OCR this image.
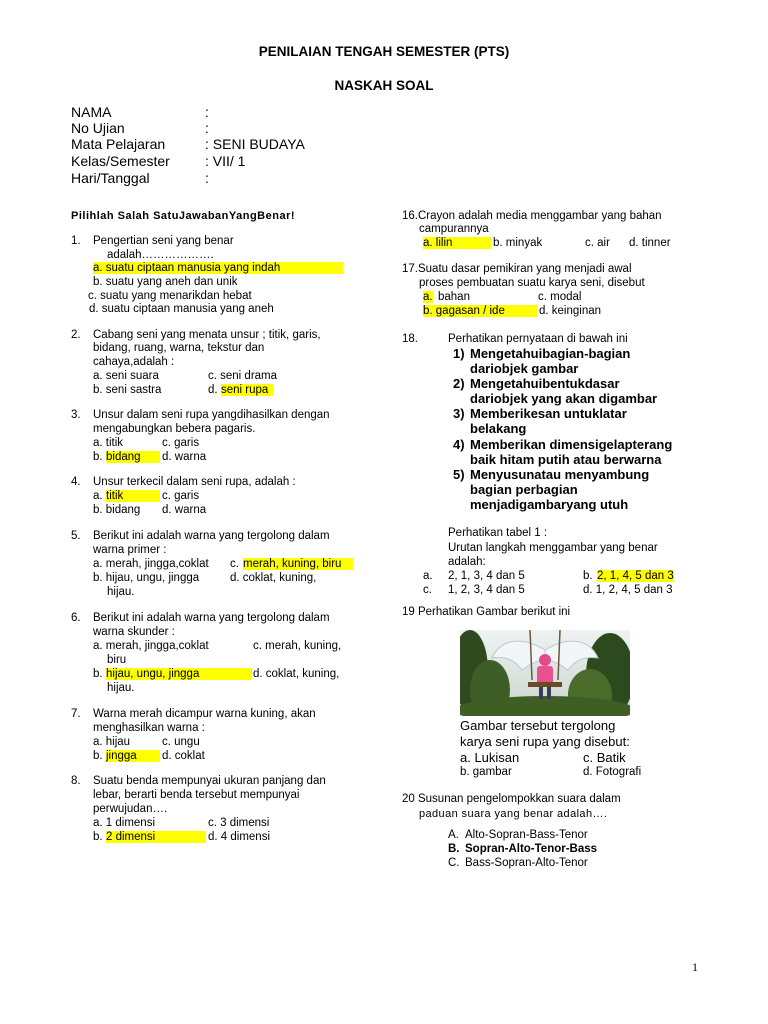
PENILAIAN TENGAH SEMESTER (PTS)
NASKAH SOAL
NAMA	:
No Ujian	:
Mata Pelajaran	: SENI BUDAYA
Kelas/Semester	: VII/ 1
Hari/Tanggal	:
Pilihlah Salah SatuJawabanYangBenar!
1. Pengertian seni yang benar
adalah……………….
a. suatu ciptaan manusia yang indah
b. suatu yang aneh dan unik
c. suatu yang menarikdan hebat
d. suatu ciptaan manusia yang aneh
2. Cabang seni yang menata unsur ; titik, garis,
bidang, ruang, warna, tekstur dan
cahaya,adalah :
a. seni suara	c. seni drama
b. seni sastra	d. seni rupa
3. Unsur dalam seni rupa yangdihasilkan dengan
mengabungkan bebera pagaris.
a. titik	c. garis
b. bidang	d. warna
4. Unsur terkecil dalam seni rupa, adalah :
a. titik	c. garis
b. bidang d. warna
5. Berikut ini adalah warna yang tergolong dalam
warna primer :
a. merah, jingga,coklat c. merah, kuning, biru
b. hijau, ungu, jingga	d. coklat, kuning,
hijau.
6. Berikut ini adalah warna yang tergolong dalam
warna skunder :
a. merah, jingga,coklat	c. merah, kuning,
biru
b. hijau, ungu, jingga	d. coklat, kuning,
hijau.
7. Warna merah dicampur warna kuning, akan
menghasilkan warna :
a. hijau	c. ungu
b. jingga	d. coklat
8. Suatu benda mempunyai ukuran panjang dan
lebar, berarti benda tersebut mempunyai
perwujudan….
a. 1 dimensi	c. 3 dimensi
b. 2 dimensi	d. 4 dimensi
16.Crayon adalah media menggambar yang bahan
campurannya
a. lilin	b. minyak	c. air d. tinner
17.Suatu dasar pemikiran yang menjadi awal
proses pembuatan suatu karya seni, disebut
a. bahan	c. modal
b. gagasan / ide	d. keinginan
18.	Perhatikan pernyataan di bawah ini
1) Mengetahuibagian-bagian
dariobjek gambar
2) Mengetahuibentukdasar
dariobjek yang akan digambar
3) Memberikesan untuklatar
belakang
4) Memberikan dimensigelapterang
baik hitam putih atau berwarna
5) Menyusunatau menyambung
bagian perbagian
menjadigambaryang utuh
Perhatikan tabel 1 :
Urutan langkah menggambar yang benar
adalah:
a. 2, 1, 3, 4 dan 5	b. 2, 1, 4, 5 dan 3
c. 1, 2, 3, 4 dan 5	d. 1, 2, 4, 5 dan 3
19 Perhatikan Gambar berikut ini
Gambar tersebut tergolong
karya seni rupa yang disebut:
a. Lukisan	c. Batik
b. gambar	d. Fotografi
20 Susunan pengelompokkan suara dalam
paduan suara yang benar adalah….
A. Alto-Sopran-Bass-Tenor
B. Sopran-Alto-Tenor-Bass
C. Bass-Sopran-Alto-Tenor
1
